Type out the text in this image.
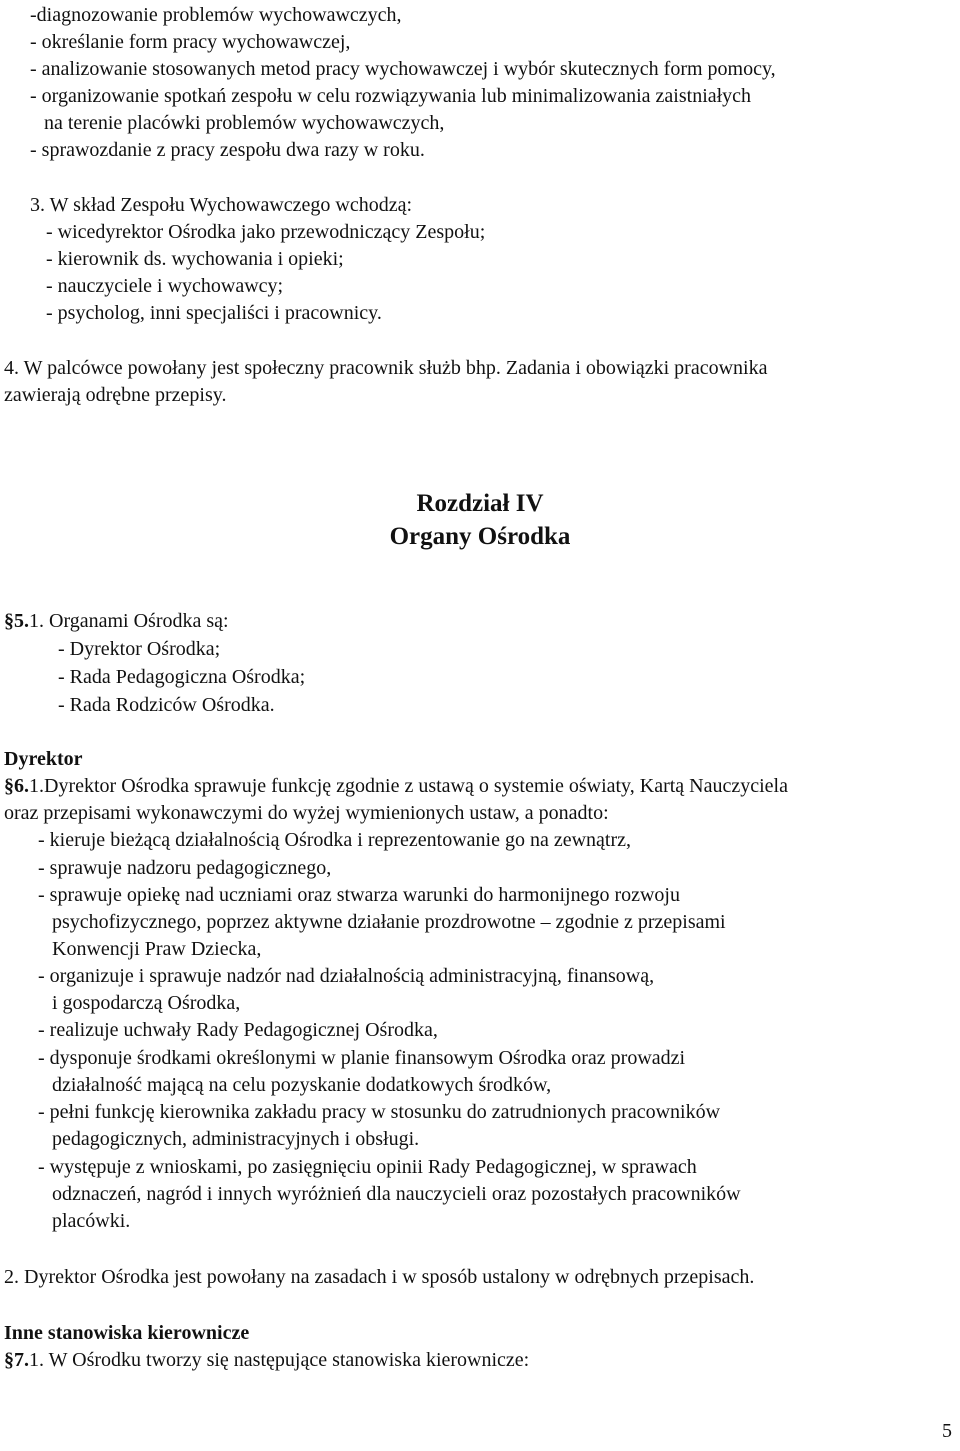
-diagnozowanie problemów wychowawczych,
- określanie form pracy wychowawczej,
- analizowanie stosowanych metod pracy wychowawczej i wybór skutecznych form pomocy,
- organizowanie spotkań zespołu w celu rozwiązywania lub minimalizowania zaistniałych
na terenie placówki problemów wychowawczych,
- sprawozdanie z pracy zespołu dwa razy w roku.
3. W skład Zespołu Wychowawczego wchodzą:
- wicedyrektor Ośrodka jako przewodniczący Zespołu;
- kierownik ds. wychowania i opieki;
- nauczyciele i wychowawcy;
- psycholog, inni specjaliści i pracownicy.
4. W palcówce powołany jest społeczny pracownik służb bhp. Zadania i obowiązki pracownika
zawierają odrębne przepisy.
Rozdział IV
Organy Ośrodka
§5.1. Organami Ośrodka są:
- Dyrektor Ośrodka;
- Rada Pedagogiczna Ośrodka;
- Rada Rodziców Ośrodka.
Dyrektor
§6.1.Dyrektor Ośrodka sprawuje funkcję zgodnie z ustawą o systemie oświaty, Kartą Nauczyciela
oraz przepisami wykonawczymi do wyżej wymienionych ustaw, a ponadto:
- kieruje bieżącą działalnością Ośrodka i reprezentowanie go na zewnątrz,
- sprawuje nadzoru pedagogicznego,
- sprawuje opiekę nad uczniami oraz stwarza warunki do harmonijnego rozwoju
psychofizycznego, poprzez aktywne działanie prozdrowotne – zgodnie z przepisami
Konwencji Praw Dziecka,
- organizuje i sprawuje nadzór nad działalnością administracyjną, finansową,
i gospodarczą Ośrodka,
- realizuje uchwały Rady Pedagogicznej Ośrodka,
- dysponuje środkami określonymi w planie finansowym Ośrodka oraz prowadzi
działalność mającą na celu pozyskanie dodatkowych środków,
- pełni funkcję kierownika zakładu pracy w stosunku do zatrudnionych pracowników
pedagogicznych, administracyjnych i obsługi.
- występuje z wnioskami, po zasięgnięciu opinii Rady Pedagogicznej, w sprawach
odznaczeń, nagród i innych wyróżnień dla nauczycieli oraz pozostałych pracowników
placówki.
2. Dyrektor Ośrodka jest powołany na zasadach i w sposób ustalony w odrębnych przepisach.
Inne stanowiska kierownicze
§7.1. W Ośrodku tworzy się następujące stanowiska kierownicze:
5
